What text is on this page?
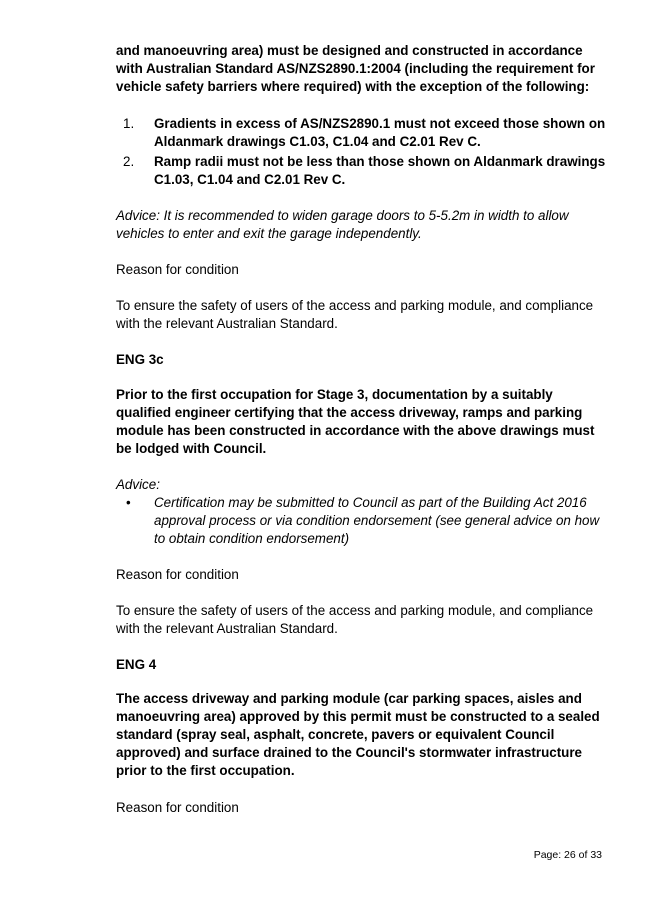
and manoeuvring area) must be designed and constructed in accordance with Australian Standard AS/NZS2890.1:2004 (including the requirement for vehicle safety barriers where required) with the exception of the following:

1. Gradients in excess of AS/NZS2890.1 must not exceed those shown on Aldanmark drawings C1.03, C1.04 and C2.01 Rev C.
2. Ramp radii must not be less than those shown on Aldanmark drawings C1.03, C1.04 and C2.01 Rev C.

Advice: It is recommended to widen garage doors to 5-5.2m in width to allow vehicles to enter and exit the garage independently.

Reason for condition

To ensure the safety of users of the access and parking module, and compliance with the relevant Australian Standard.

ENG 3c

Prior to the first occupation for Stage 3, documentation by a suitably qualified engineer certifying that the access driveway, ramps and parking module has been constructed in accordance with the above drawings must be lodged with Council.

Advice:

• Certification may be submitted to Council as part of the Building Act 2016 approval process or via condition endorsement (see general advice on how to obtain condition endorsement)

Reason for condition

To ensure the safety of users of the access and parking module, and compliance with the relevant Australian Standard.

ENG 4

The access driveway and parking module (car parking spaces, aisles and manoeuvring area) approved by this permit must be constructed to a sealed standard (spray seal, asphalt, concrete, pavers or equivalent Council approved) and surface drained to the Council's stormwater infrastructure prior to the first occupation.

Reason for condition

Page: 26 of 33
